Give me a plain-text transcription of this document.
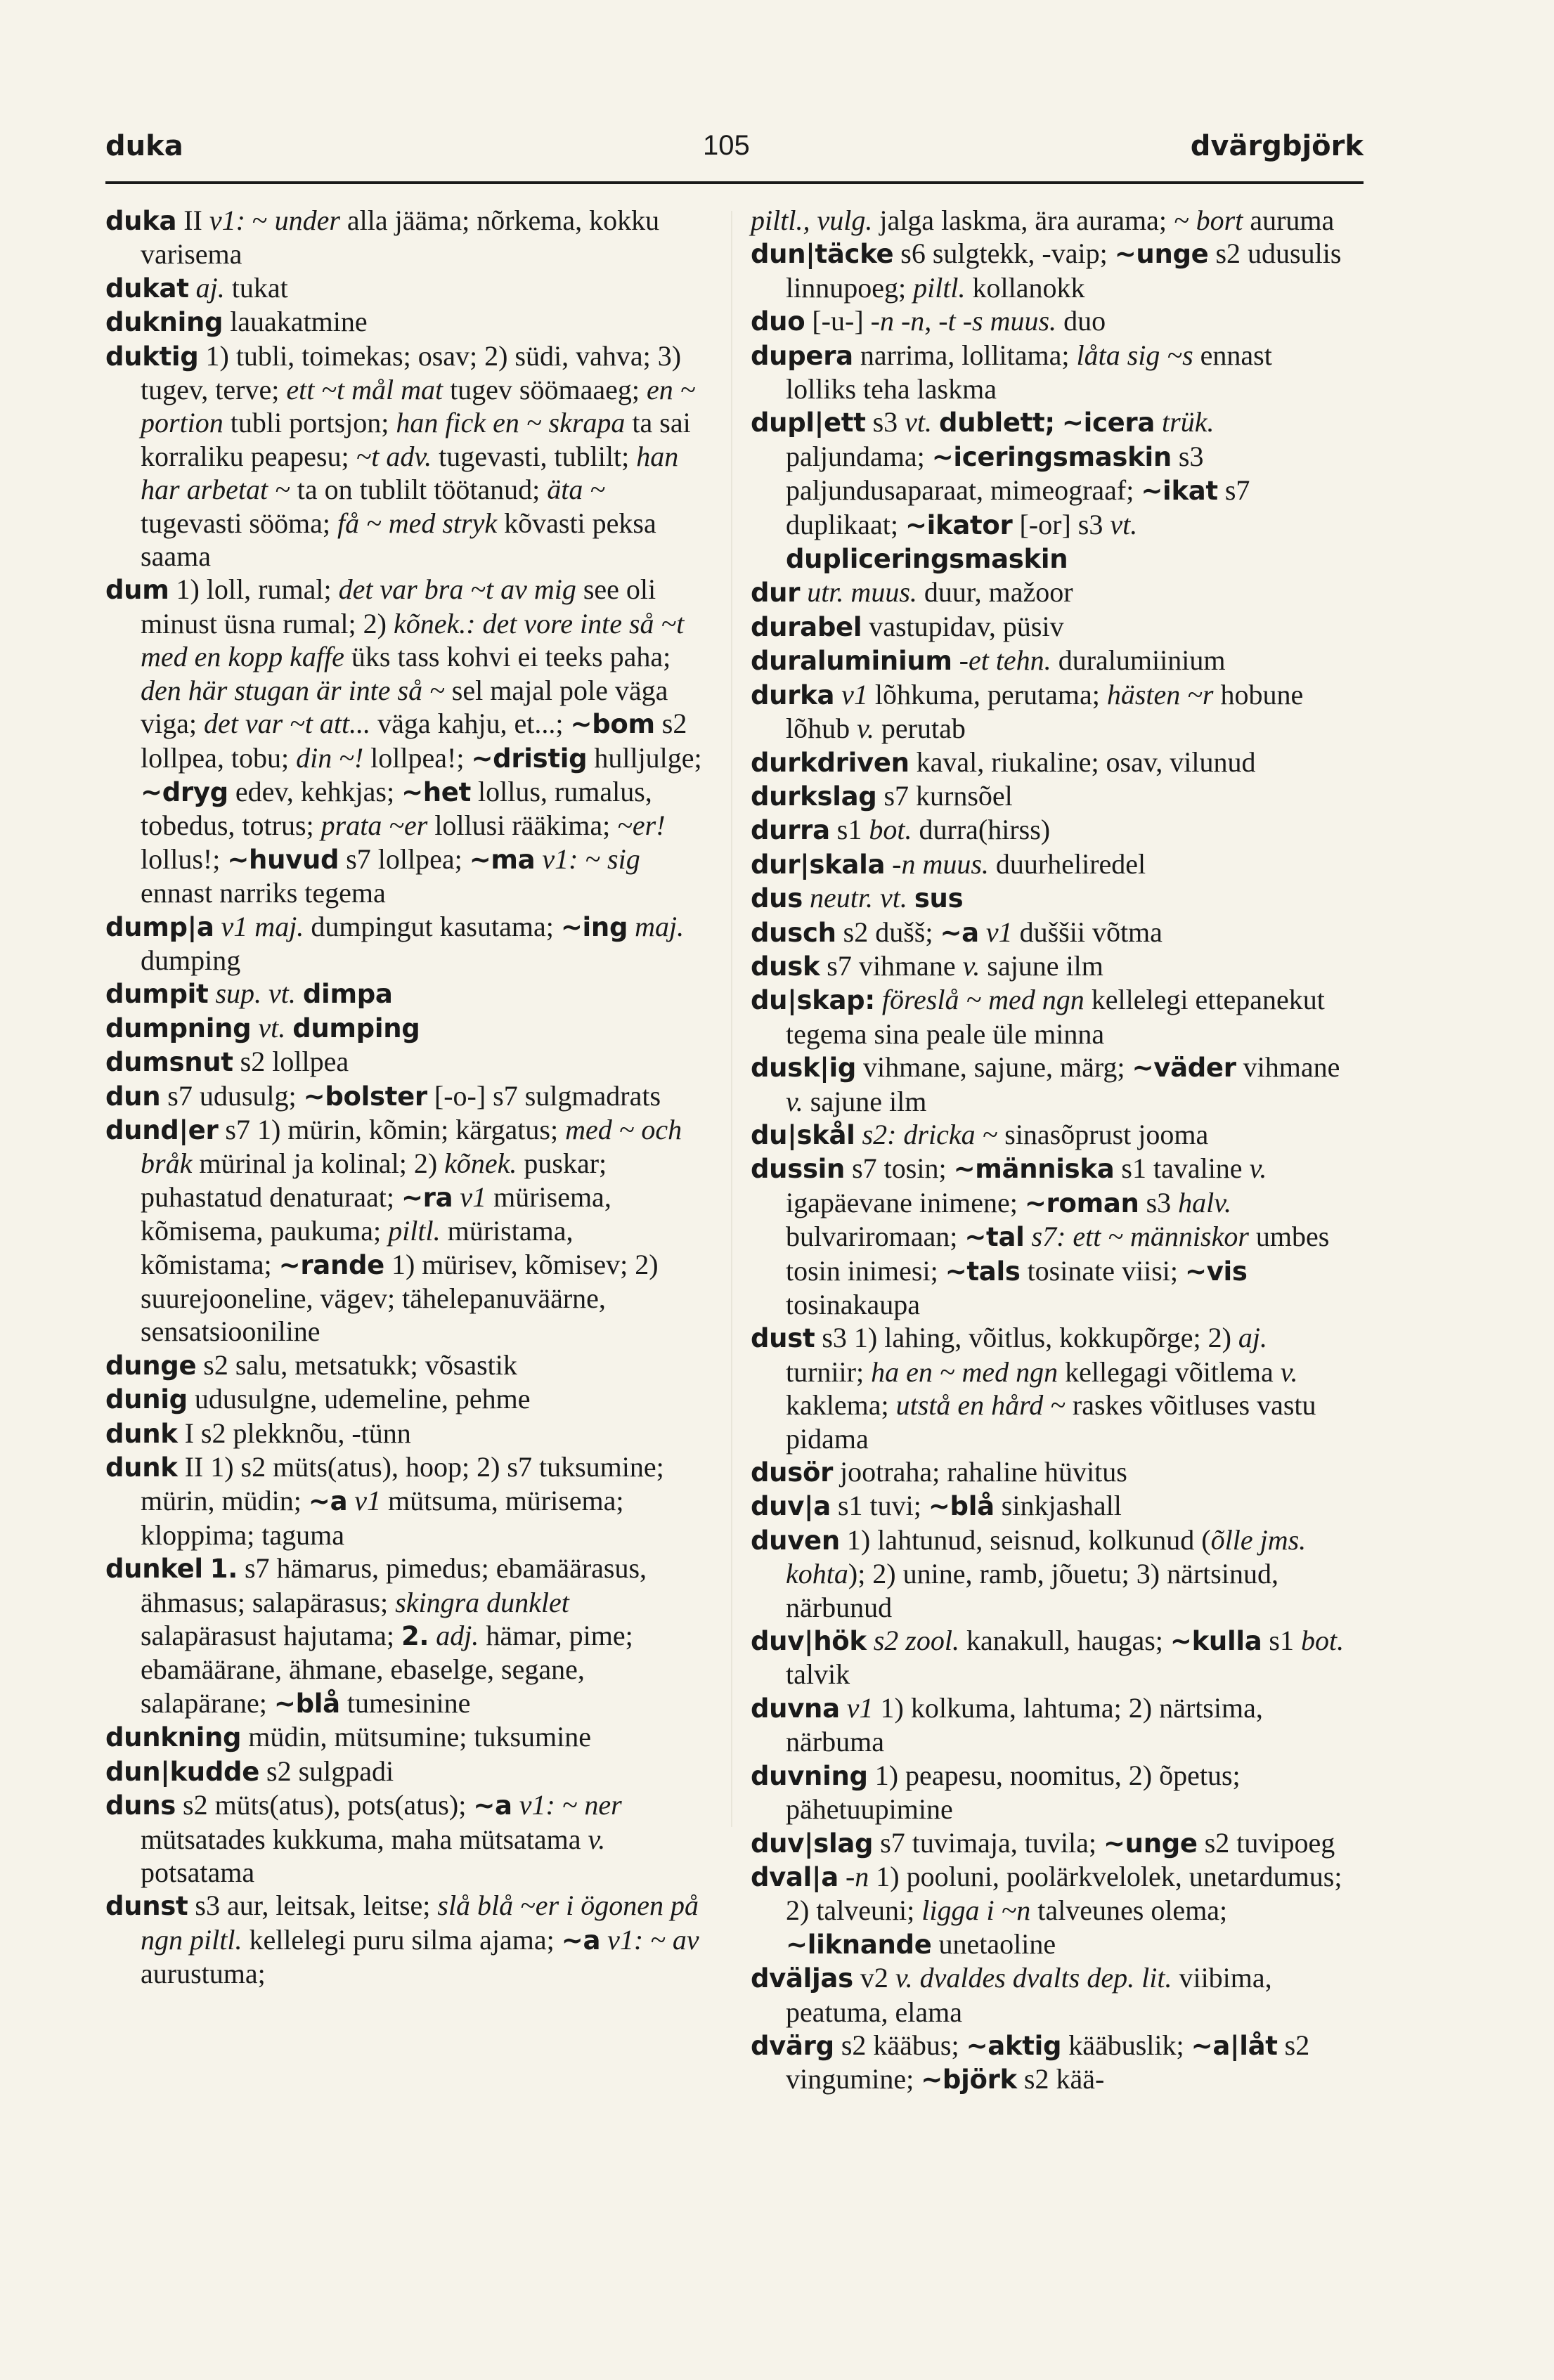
duka	105	dvärgbjörk

duka II v1: ~ under alla jääma; nõrkema, kokku varisema

dukat aj. tukat

dukning lauakatmine

duktig 1) tubli, toimekas; osav; 2) südi, vahva; 3) tugev, terve; ett ~t mål mat tugev söömaaeg; en ~ portion tubli portsjon; han fick en ~ skrapa ta sai korraliku peapesu; ~t adv. tugevasti, tublilt; han har arbetat ~ ta on tublilt töötanud; äta ~ tugevasti sööma; få ~ med stryk kõvasti peksa saama

dum 1) loll, rumal; det var bra ~t av mig see oli minust üsna rumal; 2) kõnek.: det vore inte så ~t med en kopp kaffe üks tass kohvi ei teeks paha; den här stugan är inte så ~ sel majal pole väga viga; det var ~t att... väga kahju, et...; ~bom s2 lollpea, tobu; din ~! lollpea!; ~dristig hulljulge; ~dryg edev, kehkjas; ~het lollus, rumalus, tobedus, totrus; prata ~er lollusi rääkima; ~er! lollus!; ~huvud s7 lollpea; ~ma v1: ~ sig ennast narriks tegema

dump|a v1 maj. dumpingut kasutama; ~ing maj. dumping

dumpit sup. vt. dimpa

dumpning vt. dumping

dumsnut s2 lollpea

dun s7 udusulg; ~bolster [-o-] s7 sulgmadrats

dund|er s7 1) mürin, kõmin; kärgatus; med ~ och bråk mürinal ja kolinal; 2) kõnek. puskar; puhastatud denaturaat; ~ra v1 mürisema, kõmisema, paukuma; piltl. müristama, kõmistama; ~rande 1) mürisev, kõmisev; 2) suurejooneline, vägev; tähelepanuväärne, sensatsiooniline

dunge s2 salu, metsatukk; võsastik

dunig udusulgne, udemeline, pehme

dunk I s2 plekknõu, -tünn

dunk II 1) s2 müts(atus), hoop; 2) s7 tuksumine; mürin, müdin; ~a v1 mütsuma, mürisema; kloppima; taguma

dunkel 1. s7 hämarus, pimedus; ebamäärasus, ähmasus; salapärasus; skingra dunklet salapärasust hajutama; 2. adj. hämar, pime; ebamäärane, ähmane, ebaselge, segane, salapärane; ~blå tumesinine

dunkning müdin, mütsumine; tuksumine

dun|kudde s2 sulgpadi

duns s2 müts(atus), pots(atus); ~a v1: ~ ner mütsatades kukkuma, maha mütsatama v. potsatama

dunst s3 aur, leitsak, leitse; slå blå ~er i ögonen på ngn piltl. kellelegi puru silma ajama; ~a v1: ~ av aurustuma;

piltl., vulg. jalga laskma, ära aurama; ~ bort auruma

dun|täcke s6 sulgtekk, -vaip; ~unge s2 udusulis linnupoeg; piltl. kollanokk

duo [-u-] -n -n, -t -s muus. duo

dupera narrima, lollitama; låta sig ~s ennast lolliks teha laskma

dupl|ett s3 vt. dublett; ~icera trük. paljundama; ~iceringsmaskin s3 paljundusaparaat, mimeograaf; ~ikat s7 duplikaat; ~ikator [-or] s3 vt. dupliceringsmaskin

dur utr. muus. duur, mažoor

durabel vastupidav, püsiv

duraluminium -et tehn. duralumiinium

durka v1 lõhkuma, perutama; hästen ~r hobune lõhub v. perutab

durkdriven kaval, riukaline; osav, vilunud

durkslag s7 kurnsõel

durra s1 bot. durra(hirss)

dur|skala -n muus. duurheliredel

dus neutr. vt. sus

dusch s2 dušš; ~a v1 duššii võtma

dusk s7 vihmane v. sajune ilm

du|skap: föreslå ~ med ngn kellelegi ettepanekut tegema sina peale üle minna

dusk|ig vihmane, sajune, märg; ~väder vihmane v. sajune ilm

du|skål s2: dricka ~ sinasõprust jooma

dussin s7 tosin; ~människa s1 tavaline v. igapäevane inimene; ~roman s3 halv. bulvariromaan; ~tal s7: ett ~ människor umbes tosin inimesi; ~tals tosinate viisi; ~vis tosinakaupa

dust s3 1) lahing, võitlus, kokkupõrge; 2) aj. turniir; ha en ~ med ngn kellegagi võitlema v. kaklema; utstå en hård ~ raskes võitluses vastu pidama

dusör jootraha; rahaline hüvitus

duv|a s1 tuvi; ~blå sinkjashall

duven 1) lahtunud, seisnud, kolkunud (õlle jms. kohta); 2) unine, ramb, jõuetu; 3) närtsinud, närbunud

duv|hök s2 zool. kanakull, haugas; ~kulla s1 bot. talvik

duvna v1 1) kolkuma, lahtuma; 2) närtsima, närbuma

duvning 1) peapesu, noomitus, 2) õpetus; pähetuupimine

duv|slag s7 tuvimaja, tuvila; ~unge s2 tuvipoeg

dval|a -n 1) pooluni, poolärkvelolek, unetardumus; 2) talveuni; ligga i ~n talveunes olema; ~liknande unetaoline

dväljas v2 v. dvaldes dvalts dep. lit. viibima, peatuma, elama

dvärg s2 kääbus; ~aktig kääbuslik; ~a|låt s2 vingumine; ~björk s2 kää-
